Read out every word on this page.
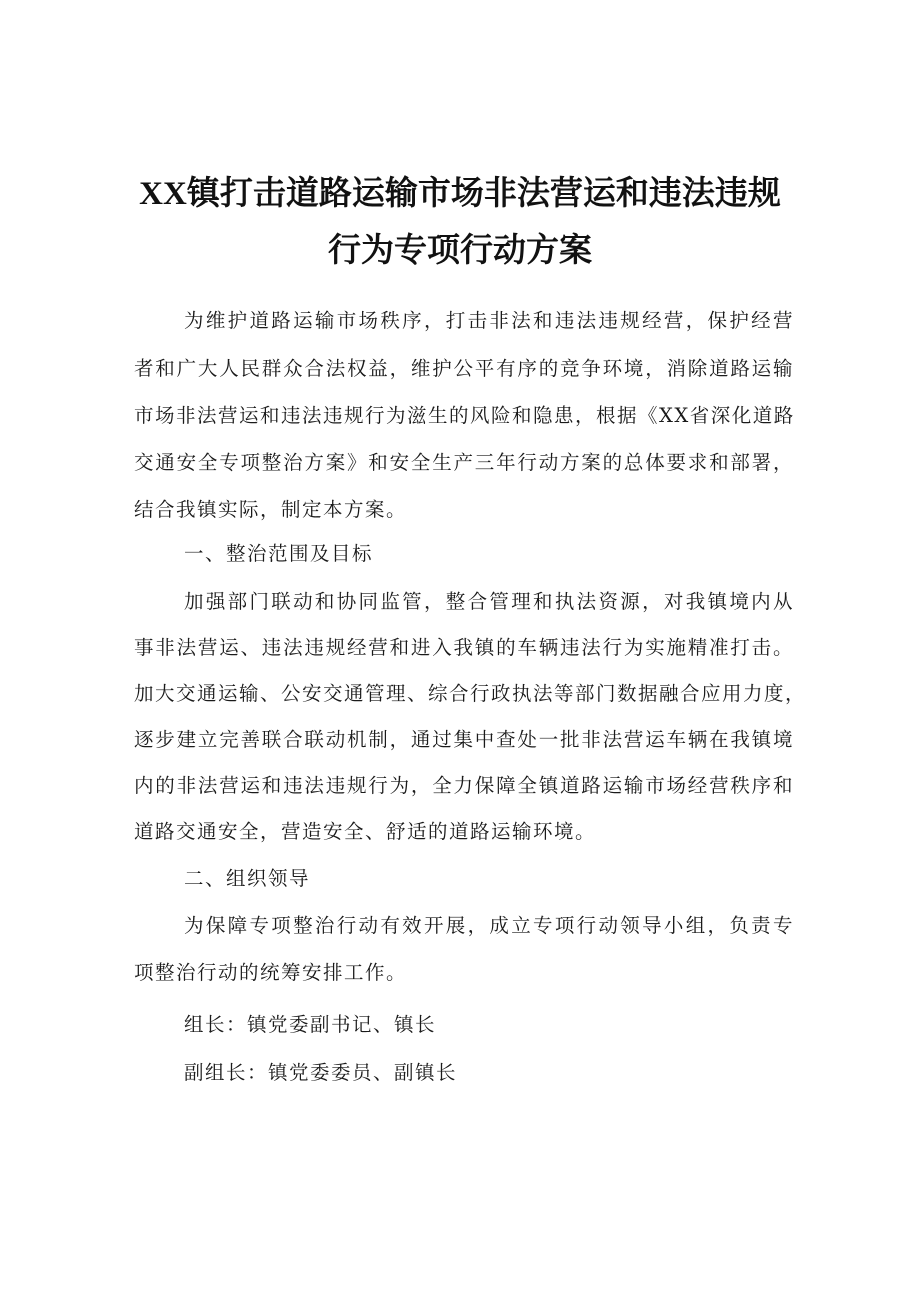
XX镇打击道路运输市场非法营运和违法违规
行为专项行动方案
为维护道路运输市场秩序，打击非法和违法违规经营，保护经营
者和广大人民群众合法权益，维护公平有序的竞争环境，消除道路运输
市场非法营运和违法违规行为滋生的风险和隐患，根据《XX省深化道路
交通安全专项整治方案》和安全生产三年行动方案的总体要求和部署，
结合我镇实际，制定本方案。
一、整治范围及目标
加强部门联动和协同监管，整合管理和执法资源，对我镇境内从
事非法营运、违法违规经营和进入我镇的车辆违法行为实施精准打击。
加大交通运输、公安交通管理、综合行政执法等部门数据融合应用力度，
逐步建立完善联合联动机制，通过集中查处一批非法营运车辆在我镇境
内的非法营运和违法违规行为，全力保障全镇道路运输市场经营秩序和
道路交通安全，营造安全、舒适的道路运输环境。
二、组织领导
为保障专项整治行动有效开展，成立专项行动领导小组，负责专
项整治行动的统筹安排工作。
组长：镇党委副书记、镇长
副组长：镇党委委员、副镇长
